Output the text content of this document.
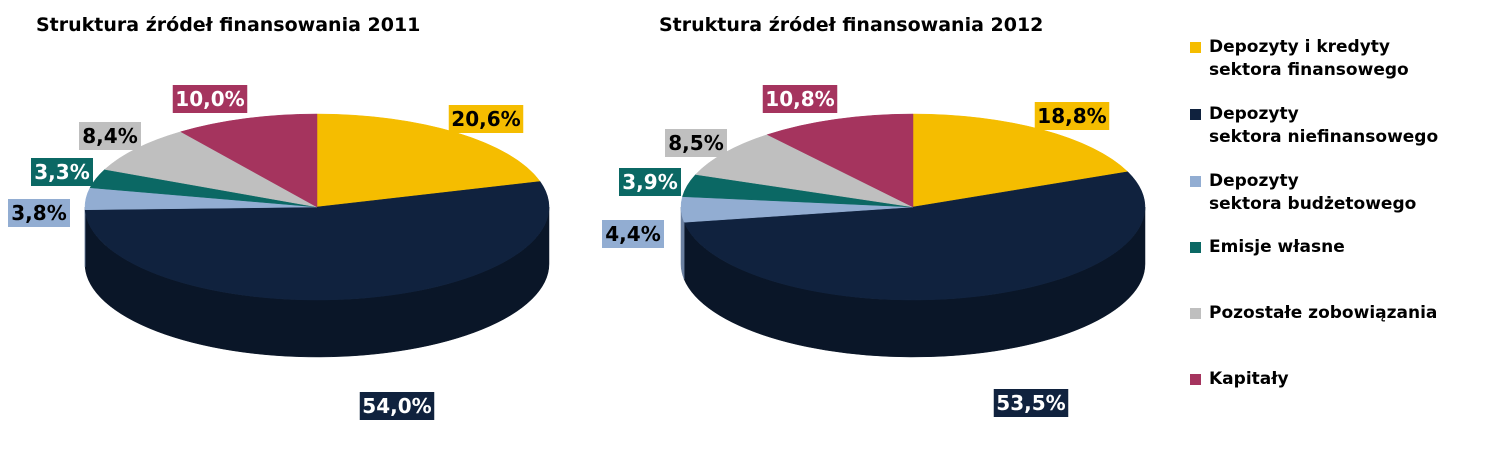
Struktura źródeł finansowania 2011	Struktura źródeł finansowania 2012
20,6%
54,0%
3,8%
3,3%
8,4%
10,0%
18,8%
53,5%
4,4%
3,9%
8,5%
10,8%
Depozyty i kredyty
sektora finansowego
Depozyty
sektora niefinansowego
Depozyty
sektora budżetowego
Emisje własne
Pozostałe zobowiązania
Kapitały
